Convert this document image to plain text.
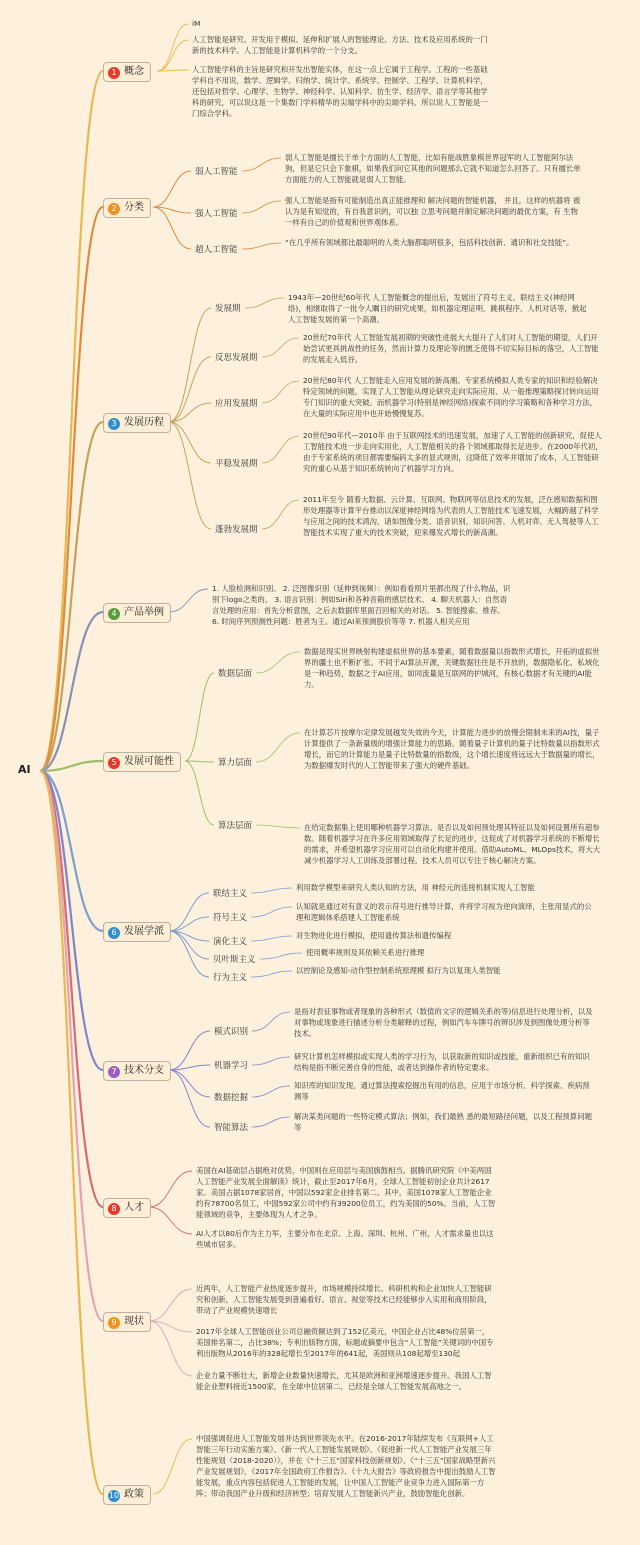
AI
1 概念
iM
人工智能是研究、开发用于模拟、延伸和扩展人的智能理论、方法、技术及应用系统的一门新的技术科学。人工智能是计算机科学的一个分支。
人工智能学科的主旨是研究和开发出智能实体，在这一点上它属于工程学。工程的一些基础学科自不用说，数学、逻辑学、归纳学、统计学、系统学、控制学、工程学、计算机科学，还包括对哲学、心理学、生物学、神经科学、认知科学、仿生学、经济学、语言学等其他学科的研究，可以说这是一个集数门学科精华的尖端学科中的尖端学科。所以说人工智能是一门综合学科。
2 分类
弱人工智能
弱人工智能是擅长于单个方面的人工智能，比如有能战胜象棋世界冠军的人工智能阿尔法狗，但是它只会下象棋，如果我们问它其他的问题那么它就不知道怎么回答了。只有擅长单方面能力的人工智能就是弱人工智能。
强人工智能
强人工智能是指有可能制造出真正能推理和 解决问题的智能机器， 并且，这样的机器将 被认为是有知觉的，有自我意识的，可以独 立思考问题并制定解决问题的最优方案，有 生物一样有自己的价值观和世界观体系。
超人工智能
“在几乎所有领域都比最聪明的人类大脑都聪明很多，包括科技创新、通识和社交技能”。
3 发展历程
发展期
1943年—20世纪60年代 人工智能概念的提出后，发展出了符号主义、联结主义(神经网络)，相继取得了一批令人瞩目的研究成果，如机器定理证明、跳棋程序、人机对话等，掀起人工智能发展的第一个高潮。
反思发展期
20世纪70年代 人工智能发展初期的突破性进展大大提升了人们对人工智能的期望，人们开始尝试更具挑战性的任务，然而计算力及理论等的匮乏使得不切实际目标的落空，人工智能的发展走入低谷。
应用发展期
20世纪80年代 人工智能走入应用发展的新高潮。专家系统模拟人类专家的知识和经验解决特定领域的问题，实现了人工智能从理论研究走向实际应用、从一般推理策略探讨转向运用专门知识的重大突破。而机器学习(特别是神经网络)探索不同的学习策略和各种学习方法，在大量的实际应用中也开始慢慢复苏。
平稳发展期
20世纪90年代—2010年 由于互联网技术的迅速发展，加速了人工智能的创新研究，促使人工智能技术进一步走向实用化，人工智能相关的各个领域都取得长足进步。在2000年代初，由于专家系统的项目都需要编码太多的显式规则，这降低了效率并增加了成本，人工智能研究的重心从基于知识系统转向了机器学习方向。
蓬勃发展期
2011年至今 随着大数据、云计算、互联网、物联网等信息技术的发展，泛在感知数据和图形处理器等计算平台推动以深度神经网络为代表的人工智能技术飞速发展，大幅跨越了科学与应用之间的技术鸿沟，诸如图像分类、语音识别、知识问答、人机对弈、无人驾驶等人工智能技术实现了重大的技术突破，迎来爆发式增长的新高潮。
4 产品举例
1. 人脸检测和识别。 2. 泛图像识别（延伸到视频）：例如看看照片里都出现了什么物品，识别下logo之类的。 3. 语言识别：例如Siri和各种音箱的感层技术。 4. 聊天机器人：自然语言处理的应用：首先分析意图，之后去数据库里面召回相关的对话。 5. 智能搜索、推荐。 6. 时间序列预测性问题：胜者为王。通过AI来预测股价等等 7. 机器人相关应用
5 发展可能性
数据层面
数据是现实世界映射构建虚拟世界的基本要素，随着数据量以指数形式增长，开拓的虚拟世界的疆土也不断扩张。不同于AI算法开源，关键数据往往是不开放的，数据隐私化、私域化是一种趋势，数据之于AI应用，如同流量是互联网的护城河，有核心数据才有关键的AI能力。
算力层面
在计算芯片按摩尔定律发展越发失效的今天，计算能力进步的放慢会限制未来的AI技，量子计算提供了一条新量级的增强计算能力的思路。随着量子计算机的量子比特数量以指数形式增长，而它的计算能力是量子比特数量的指数级，这个增长速度将远远大于数据量的增长，为数据爆发时代的人工智能带来了强大的硬件基础。
算法层面	在给定数据集上使用哪种机器学习算法、是否以及如何预处理其特征以及如何设置所有超参数。随着机器学习在许多应用领域取得了长足的进步，这促成了对机器学习系统的不断增长的需求，并希望机器学习应用可以自动化构建并使用。借助AutoML、MLOps技术，将大大减少机器学习人工训练及部署过程，技术人员可以专注于核心解决方案。
6 发展学派
联结主义
利用数学模型来研究人类认知的方法，用 神经元的连接机制实现人工智能
符号主义
认知就是通过对有意义的表示符号进行推导计算，并将学习视为逆向演绎，主张用显式的公理和逻辑体系搭建人工智能系统
演化主义
对生物进化进行模拟，使用遗传算法和遗传编程
贝叶斯主义
使用概率规则及其依赖关系进行推理
行为主义
以控制论及感知-动作型控制系统原理模 拟行为以复现人类智能
7 技术分支
模式识别
是指对表征事物或者现象的各种形式（数值的文字的逻辑关系的等)信息进行处理分析，以及对事物或现象进行描述分析分类解释的过程，例如汽车车牌号的辨识涉及到图像处理分析等技术。
机器学习
研究计算机怎样模拟或实现人类的学习行为，以获取新的知识或技能，重新组织已有的知识结构是指不断完善自身的性能，或者达到操作者的特定要求。
数据挖掘
知识库的知识发现，通过算法搜索挖掘出有用的信息，应用于市场分析、科学探索、疾病预测等
智能算法
解决某类问题的一些特定模式算法；例如，我们最熟 悉的最短路径问题，以及工程预算问题等
8 人才
美国在AI基础层占据绝对优势，中国则在应用层与美国旗鼓相当。据腾讯研究院《中美两国人工智能产业发展全面解读》统计，截止至2017年6月，全球人工智能初创企业共计2617家。美国占据1078家居首，中国以592家企业排名第二。其中，美国1078家人工智能企业约有78700名员工，中国592家公司中约有39200位员工，约为美国的50%。当前，人工智能领域的竞争，主要体现为人才之争。
AI人才以80后作为主力军，主要分布在北京、上海、深圳、杭州、广州，人才需求量也以这些城市居多。
9 现状
近两年，人工智能产业热度逐步提升，市场规模持续增长。科研机构和企业加快人工智能研究和创新，人工智能发展受到普遍看好。语言、视觉等技术已经能够步入实用和商用阶段，带动了产业规模快速增长
2017年全球人工智能创业公司总融资额达到了152亿美元，中国企业占比48%位居第一，美国排名第二，占比38%；专利出版物方面，标题或摘要中包含“人工智能”关键词的中国专利出版物从2016年的328起增长至2017年的641起，美国则从108起增至130起
企业力量不断壮大，新增企业数量快速增长，尤其是欧洲和亚洲增速逐步提升。我国人工智能企业塑料接近1500家，在全球中位居第二，已经是全球人工智能发展高地之一。
10 政策
中国强调促进人工智能发展并达到世界领先水平。在2016-2017年陆续发布《互联网+人工智能三年行动实施方案》、《新一代人工智能发展规划》、《促进新一代人工智能产业发展三年性能规划（2018-2020）》，并在《“十三五”国家科技创新规划》、《“十三五”国家战略型新兴产业发展规划》、《2017年全国政府工作报告》、《十九大报告》等政府报告中提出鼓励人工智能发展，重点内容包括促进人工智能的发展，让中国人工智能产业竞争力进入国际第一方阵；带动我国产业升级和经济转型；培育发展人工智能新兴产业，鼓励智能化创新。
